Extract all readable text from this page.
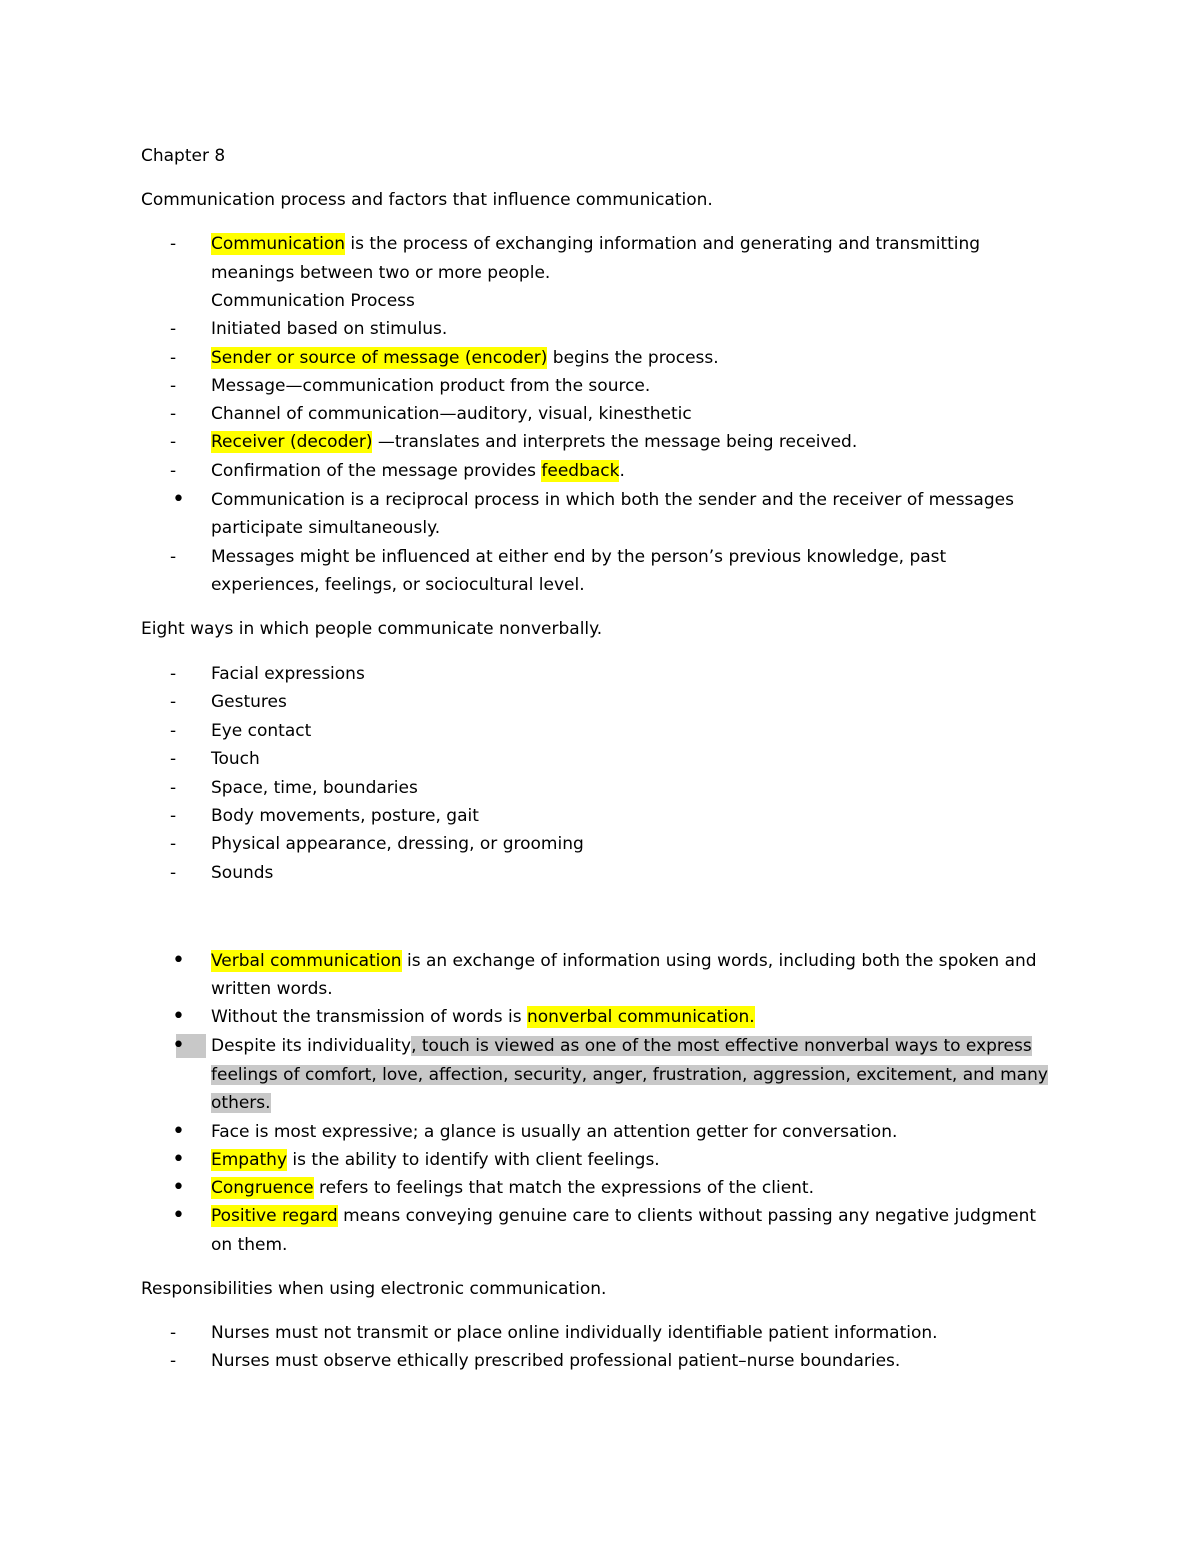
Chapter 8

Communication process and factors that influence communication.

-	Communication is the process of exchanging information and generating and transmitting
meanings between two or more people.
Communication Process
-	Initiated based on stimulus.
-	Sender or source of message (encoder) begins the process.
-	Message—communication product from the source.
-	Channel of communication—auditory, visual, kinesthetic
-	Receiver (decoder) —translates and interprets the message being received.
-	Confirmation of the message provides feedback.
•	Communication is a reciprocal process in which both the sender and the receiver of messages
participate simultaneously.
-	Messages might be influenced at either end by the person’s previous knowledge, past
experiences, feelings, or sociocultural level.

Eight ways in which people communicate nonverbally.

-	Facial expressions
-	Gestures
-	Eye contact
-	Touch
-	Space, time, boundaries
-	Body movements, posture, gait
-	Physical appearance, dressing, or grooming
-	Sounds
•	Verbal communication is an exchange of information using words, including both the spoken and
written words.
•	Without the transmission of words is nonverbal communication.
•	Despite its individuality, touch is viewed as one of the most effective nonverbal ways to express
feelings of comfort, love, affection, security, anger, frustration, aggression, excitement, and many
others.
•	Face is most expressive; a glance is usually an attention getter for conversation.
•	Empathy is the ability to identify with client feelings.
•	Congruence refers to feelings that match the expressions of the client.
•	Positive regard means conveying genuine care to clients without passing any negative judgment
on them.

Responsibilities when using electronic communication.

-	Nurses must not transmit or place online individually identifiable patient information.
-	Nurses must observe ethically prescribed professional patient–nurse boundaries.
